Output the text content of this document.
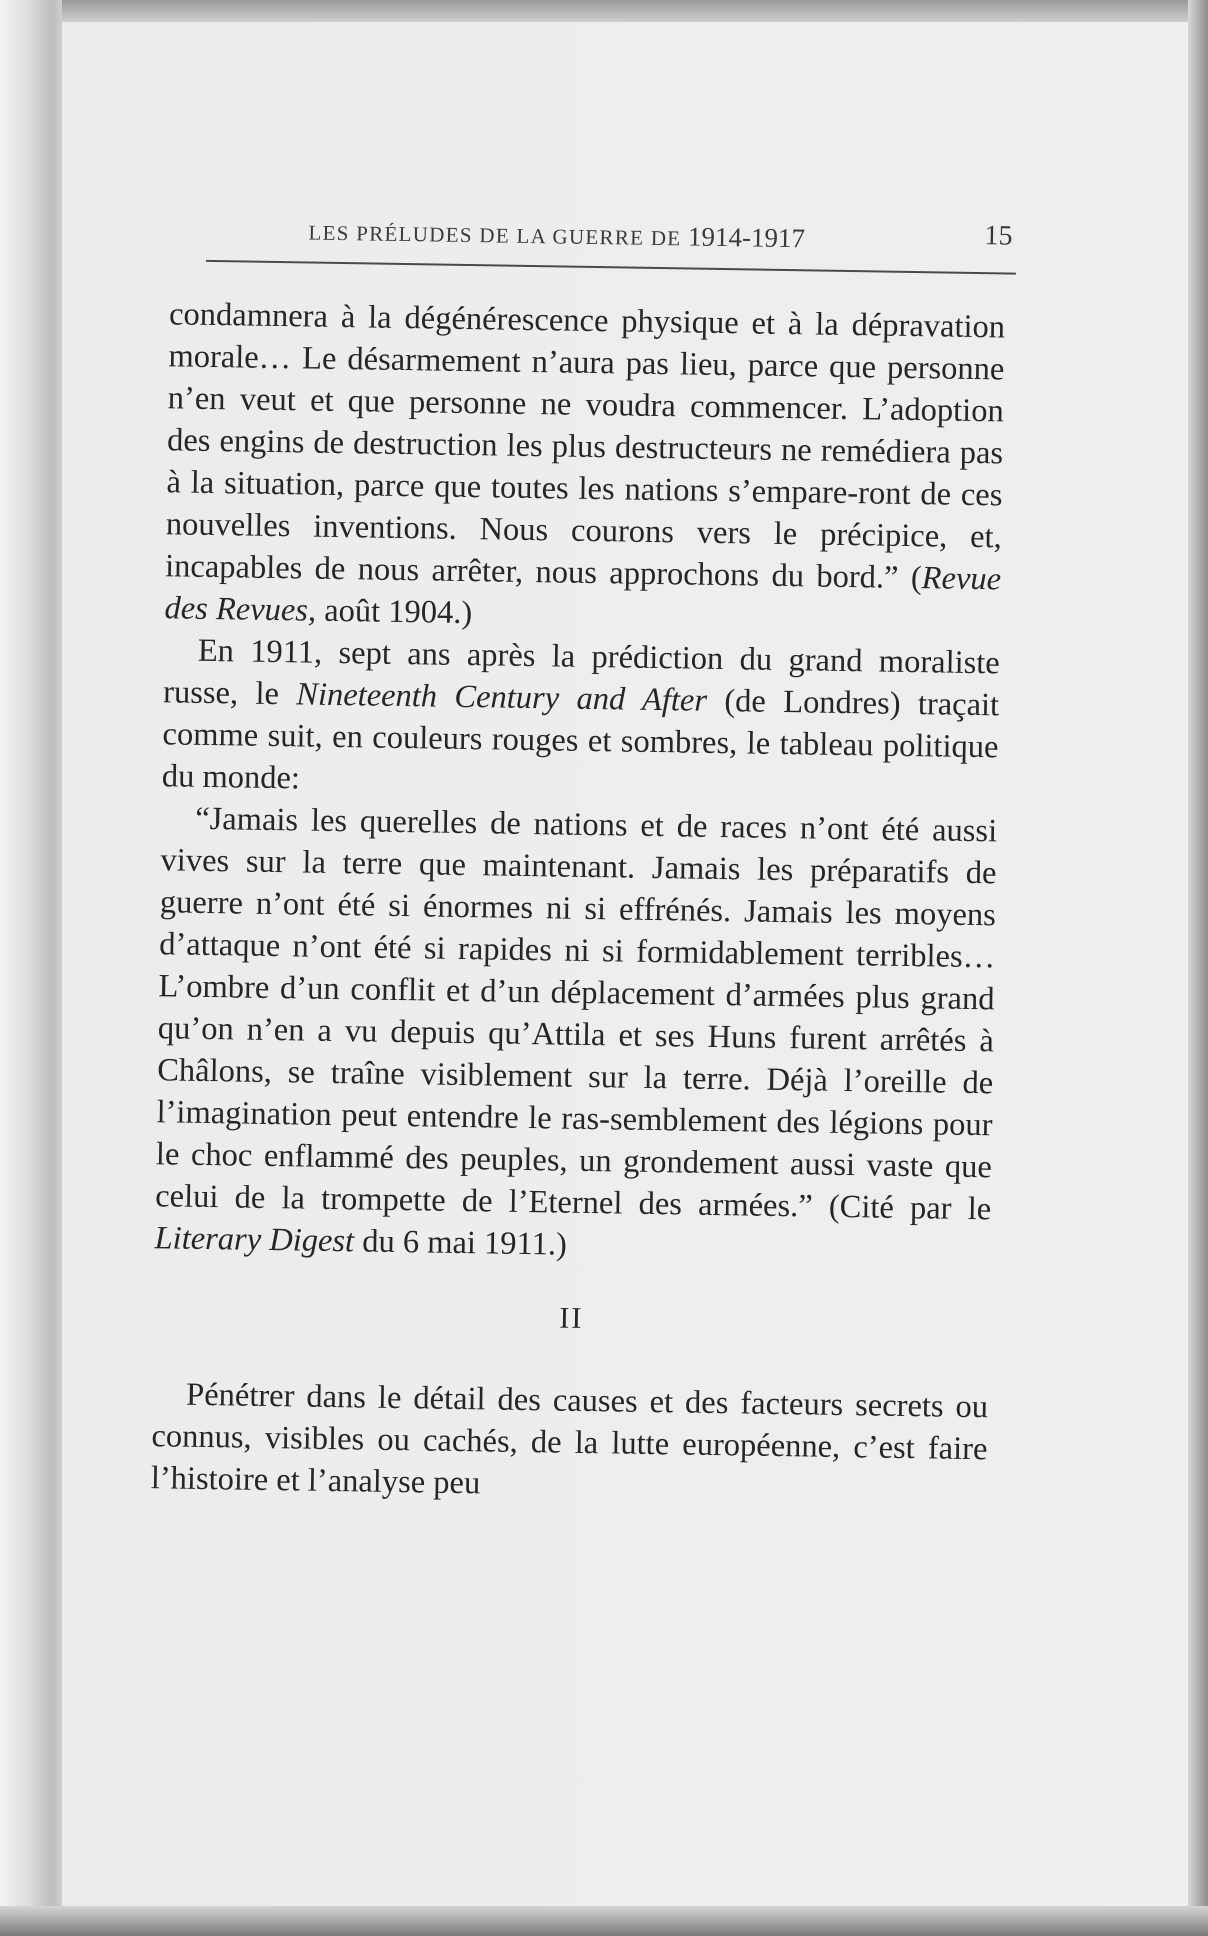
LES PRÉLUDES DE LA GUERRE DE 1914-1917	15

condamnera à la dégénérescence physique et à la dépravation morale… Le désarmement n’aura pas lieu, parce que personne n’en veut et que personne ne voudra commencer. L’adoption des engins de destruction les plus destructeurs ne remédiera pas à la situation, parce que toutes les nations s’empare-ront de ces nouvelles inventions. Nous courons vers le précipice, et, incapables de nous arrêter, nous approchons du bord.” (Revue des Revues, août 1904.)

En 1911, sept ans après la prédiction du grand moraliste russe, le Nineteenth Century and After (de Londres) traçait comme suit, en couleurs rouges et sombres, le tableau politique du monde:

“Jamais les querelles de nations et de races n’ont été aussi vives sur la terre que maintenant. Jamais les préparatifs de guerre n’ont été si énormes ni si effrénés. Jamais les moyens d’attaque n’ont été si rapides ni si formidablement terribles… L’ombre d’un conflit et d’un déplacement d’armées plus grand qu’on n’en a vu depuis qu’Attila et ses Huns furent arrêtés à Châlons, se traîne visiblement sur la terre. Déjà l’oreille de l’imagination peut entendre le ras-semblement des légions pour le choc enflammé des peuples, un grondement aussi vaste que celui de la trompette de l’Eternel des armées.” (Cité par le Literary Digest du 6 mai 1911.)

II

Pénétrer dans le détail des causes et des facteurs secrets ou connus, visibles ou cachés, de la lutte européenne, c’est faire l’histoire et l’analyse peu
